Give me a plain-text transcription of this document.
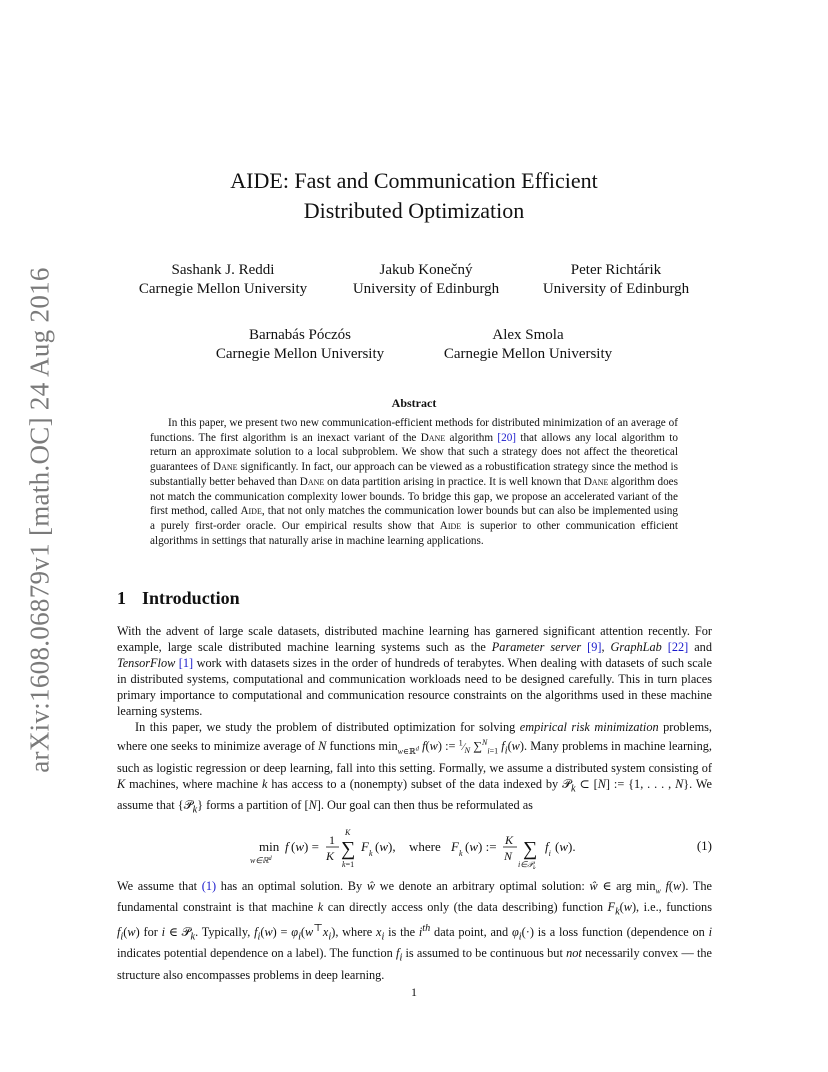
arXiv:1608.06879v1 [math.OC] 24 Aug 2016
AIDE: Fast and Communication Efficient
Distributed Optimization
Sashank J. Reddi
Carnegie Mellon University
Jakub Konečný
University of Edinburgh
Peter Richtárik
University of Edinburgh
Barnabás Póczós
Carnegie Mellon University
Alex Smola
Carnegie Mellon University
Abstract
In this paper, we present two new communication-efficient methods for distributed minimization of an average of functions. The first algorithm is an inexact variant of the Dane algorithm [20] that allows any local algorithm to return an approximate solution to a local subproblem. We show that such a strategy does not affect the theoretical guarantees of Dane significantly. In fact, our approach can be viewed as a robustification strategy since the method is substantially better behaved than Dane on data partition arising in practice. It is well known that Dane algorithm does not match the communication complexity lower bounds. To bridge this gap, we propose an accelerated variant of the first method, called Aide, that not only matches the communication lower bounds but can also be implemented using a purely first-order oracle. Our empirical results show that Aide is superior to other communication efficient algorithms in settings that naturally arise in machine learning applications.
1 Introduction

With the advent of large scale datasets, distributed machine learning has garnered significant attention recently. For example, large scale distributed machine learning systems such as the Parameter server [9], GraphLab [22] and TensorFlow [1] work with datasets sizes in the order of hundreds of terabytes. When dealing with datasets of such scale in distributed systems, computational and communication workloads need to be designed carefully. This in turn places primary importance to computational and communication resource constraints on the algorithms used in these machine learning systems.

In this paper, we study the problem of distributed optimization for solving empirical risk minimization problems, where one seeks to minimize average of N functions $\min_{w\in ℝ^d} f(w)$ := $^1⁄_N$ ∑$^N_{i=1}$ $f_i(w)$. Many problems in machine learning, such as logistic regression or deep learning, fall into this setting. Formally, we assume a distributed system consisting of K machines, where machine k has access to a (nonempty) subset of the data indexed by 𝒫$_k$ ⊂ [N] := {1, . . . , N}. We assume that {𝒫$_k$} forms a partition of [N]. Our goal can then thus be reformulated as

min
w∈ℝ$^d$
f (w) = 1
K
K
∑
k=1
$F_k$ (w), where $F_k$ (w) := K
N ∑
i∈𝒫$_k$
$f_i$ (w).	(1)

We assume that (1) has an optimal solution. By ŵ we denote an arbitrary optimal solution: ŵ ∈ arg $\min_w f(w)$. The fundamental constraint is that machine k can directly access only (the data describing) function $F_k(w)$, i.e., functions $f_i(w)$ for i ∈ 𝒫$_k$. Typically, $f_i(w) = \varphi_i(w^⊤x_i)$, where $x_i$ is the $i^{th}$ data point, and $\varphi_i(\cdot)$ is a loss function (dependence on i indicates potential dependence on a label). The function $f_i$ is assumed to be continuous but not necessarily convex — the structure also encompasses problems in deep learning.

1
